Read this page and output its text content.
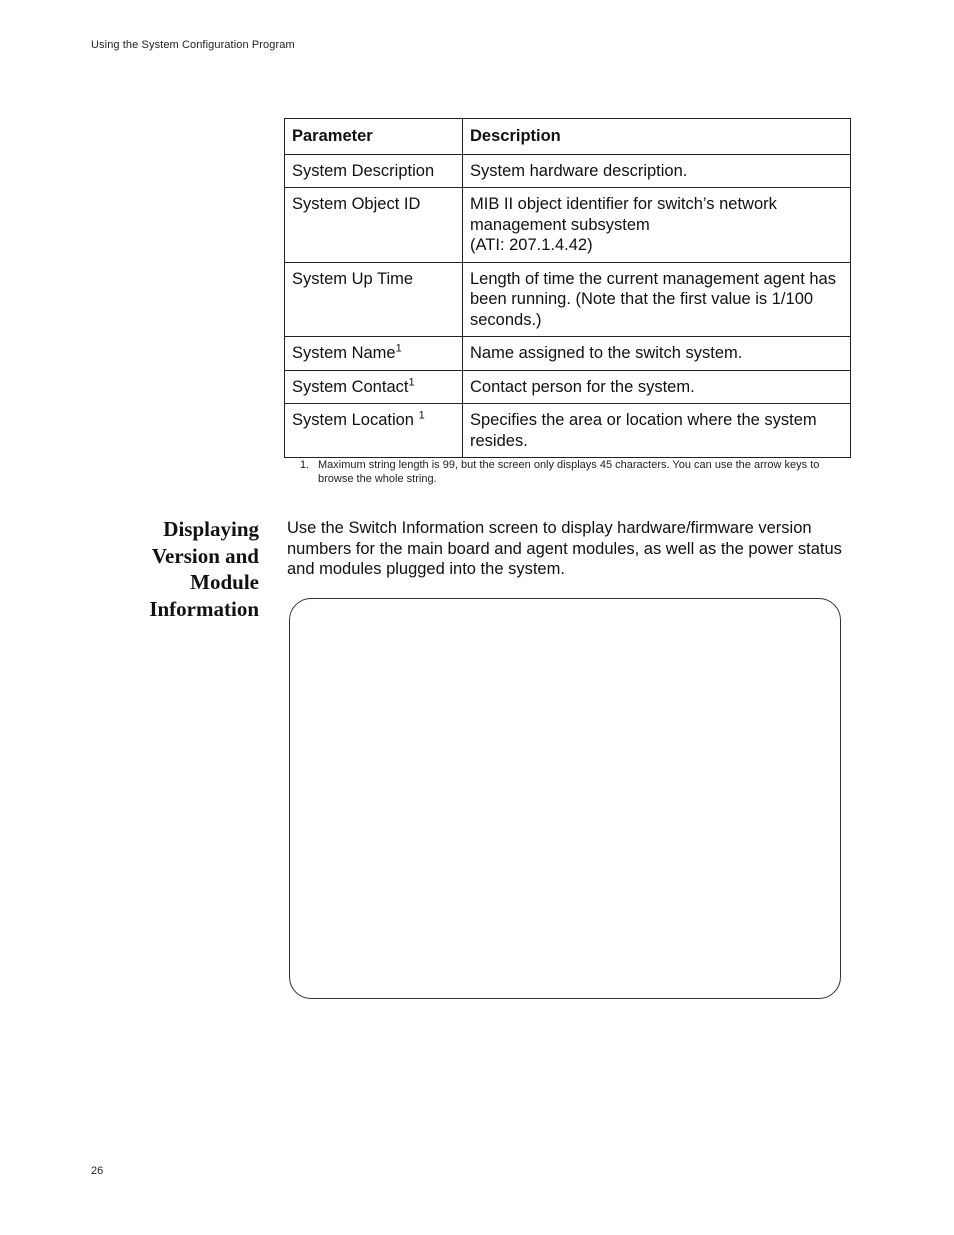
Using the System Configuration Program
Parameter	Description
System Description	System hardware description.

System Object ID	MIB II object identifier for switch’s network management subsystem
(ATI: 207.1.4.42)

System Up Time	Length of time the current management agent has been running. (Note that the first value is 1/100 seconds.)

System Name$^1$	Name assigned to the switch system.

System Contact$^1$	Contact person for the system.

System Location $^1$	Specifies the area or location where the system resides.
1. Maximum string length is 99, but the screen only displays 45 characters. You can use the arrow keys to browse the whole string.
Displaying
Version and
Module
Information
Use the Switch Information screen to display hardware/firmware version numbers for the main board and agent modules, as well as the power status and modules plugged into the system.
26
